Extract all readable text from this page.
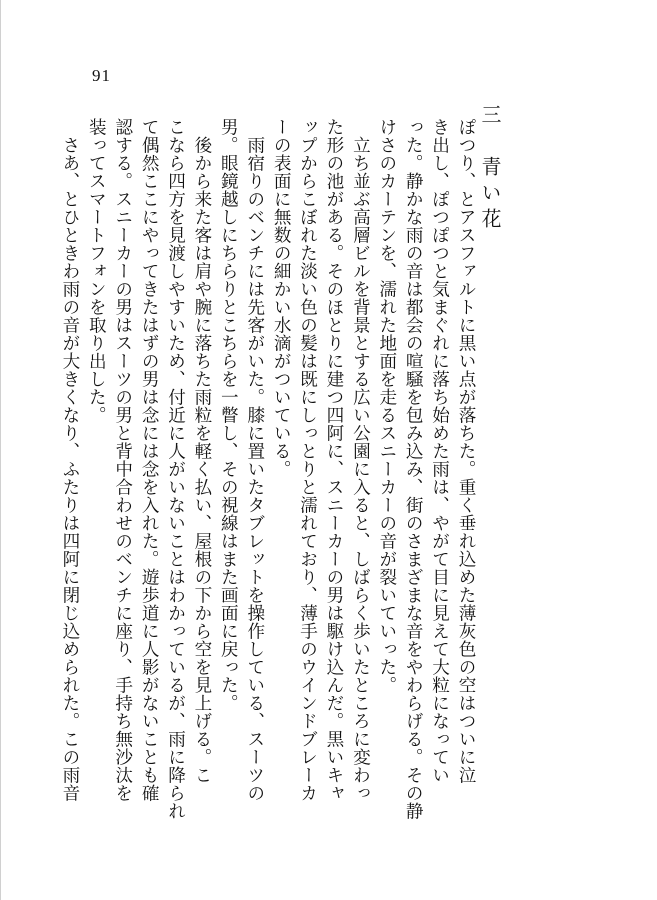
91
三　青い花

ぽつり、とアスファルトに黒い点が落ちた。重く垂れ込めた薄灰色の空はついに泣

き出し、ぽつぽつと気まぐれに落ち始めた雨は、やがて目に見えて大粒になってい

った。静かな雨の音は都会の喧騒を包み込み、街のさまざまな音をやわらげる。その静

けさのカーテンを、濡れた地面を走るスニーカーの音が裂いていった。

　立ち並ぶ高層ビルを背景とする広い公園に入ると、しばらく歩いたところに変わっ

た形の池がある。そのほとりに建つ四阿に、スニーカーの男は駆け込んだ。黒いキャ

ップからこぼれた淡い色の髪は既にしっとりと濡れており、薄手のウインドブレーカ

ーの表面に無数の細かい水滴がついている。

　雨宿りのベンチには先客がいた。膝に置いたタブレットを操作している、スーツの

男。眼鏡越しにちらりとこちらを一瞥し、その視線はまた画面に戻った。

　後から来た客は肩や腕に落ちた雨粒を軽く払い、屋根の下から空を見上げる。こ

こなら四方を見渡しやすいため、付近に人がいないことはわかっているが、雨に降られ

て偶然ここにやってきたはずの男は念には念を入れた。遊歩道に人影がないことも確

認する。スニーカーの男はスーツの男と背中合わせのベンチに座り、手持ち無沙汰を

装ってスマートフォンを取り出した。

　さあ、とひときわ雨の音が大きくなり、ふたりは四阿に閉じ込められた。この雨音
